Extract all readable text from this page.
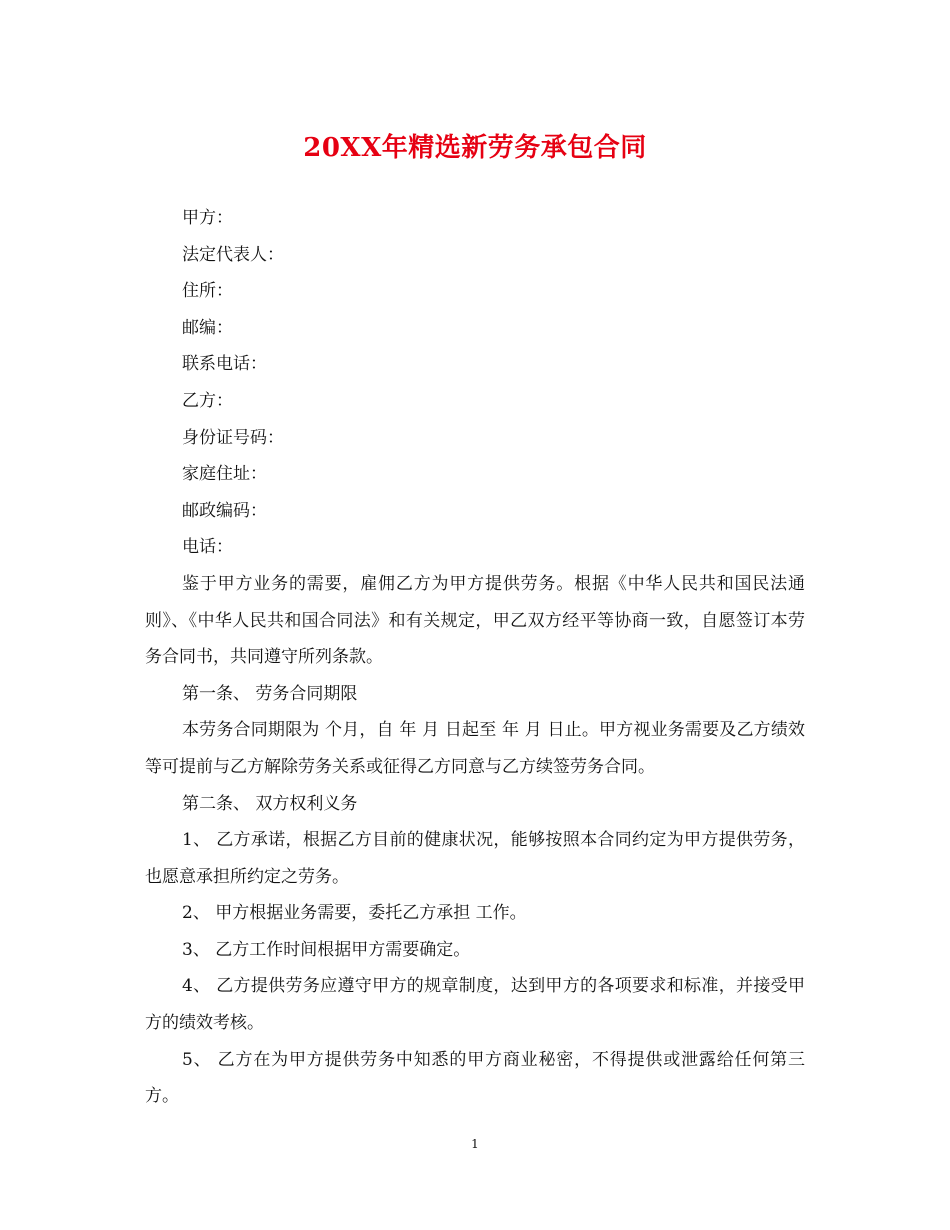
20XX年精选新劳务承包合同
甲方：
法定代表人：
住所：
邮编：
联系电话：
乙方：
身份证号码：
家庭住址：
邮政编码：
电话：
鉴于甲方业务的需要，雇佣乙方为甲方提供劳务。根据《中华人民共和国民法通则》、《中华人民共和国合同法》和有关规定，甲乙双方经平等协商一致，自愿签订本劳务合同书，共同遵守所列条款。
第一条、 劳务合同期限
本劳务合同期限为 个月，自 年 月 日起至 年 月 日止。甲方视业务需要及乙方绩效等可提前与乙方解除劳务关系或征得乙方同意与乙方续签劳务合同。
第二条、 双方权利义务
1、 乙方承诺，根据乙方目前的健康状况，能够按照本合同约定为甲方提供劳务，也愿意承担所约定之劳务。
2、 甲方根据业务需要，委托乙方承担 工作。
3、 乙方工作时间根据甲方需要确定。
4、 乙方提供劳务应遵守甲方的规章制度，达到甲方的各项要求和标准，并接受甲方的绩效考核。
5、 乙方在为甲方提供劳务中知悉的甲方商业秘密，不得提供或泄露给任何第三方。
1
